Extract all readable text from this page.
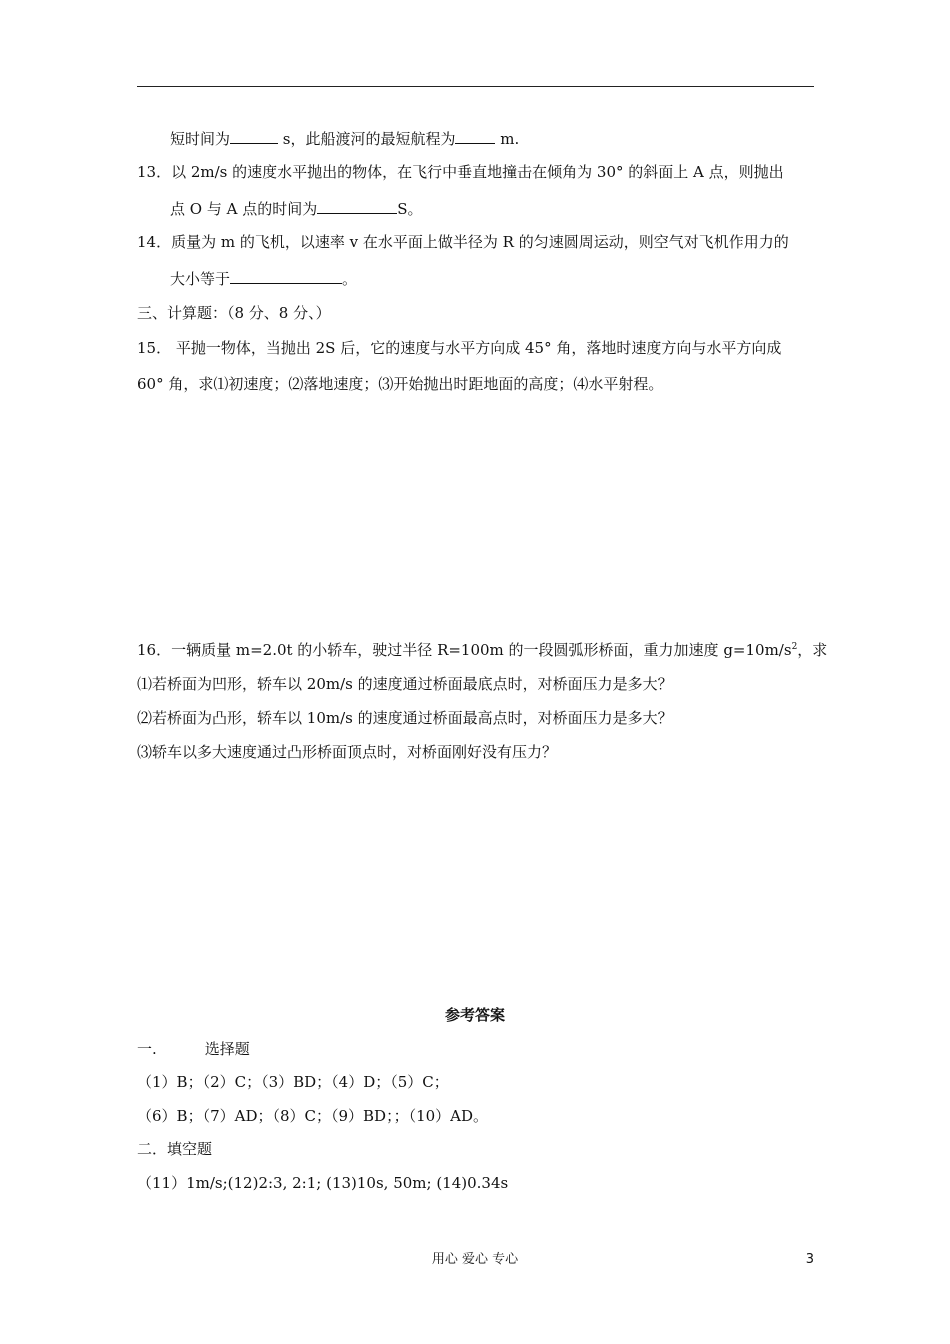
短时间为	s，此船渡河的最短航程为	m.
13．以 2m/s 的速度水平抛出的物体，在飞行中垂直地撞击在倾角为 30° 的斜面上 A 点，则抛出
点 O 与 A 点的时间为	S。
14．质量为 m 的飞机，以速率 v 在水平面上做半径为 R 的匀速圆周运动，则空气对飞机作用力的
大小等于	。
三、计算题：（8 分、8 分、）
15． 平抛一物体，当抛出 2S 后，它的速度与水平方向成 45° 角，落地时速度方向与水平方向成
60° 角，求⑴初速度；⑵落地速度；⑶开始抛出时距地面的高度；⑷水平射程。
16．一辆质量 m=2.0t 的小轿车，驶过半径 R=100m 的一段圆弧形桥面，重力加速度 $g=10m/s^2$，求
⑴若桥面为凹形，轿车以 20m/s 的速度通过桥面最底点时，对桥面压力是多大？
⑵若桥面为凸形，轿车以 10m/s 的速度通过桥面最高点时，对桥面压力是多大？
⑶轿车以多大速度通过凸形桥面顶点时，对桥面刚好没有压力？
参考答案
一.	选择题
（1）B；（2）C；（3）BD；（4）D；（5）C；
（6）B；（7）AD；（8）C；（9）BD；；（10）AD。
二．填空题
（11）1m/s;(12)2:3, 2:1; (13)10s, 50m; (14)0.34s
用心 爱心 专心	3
